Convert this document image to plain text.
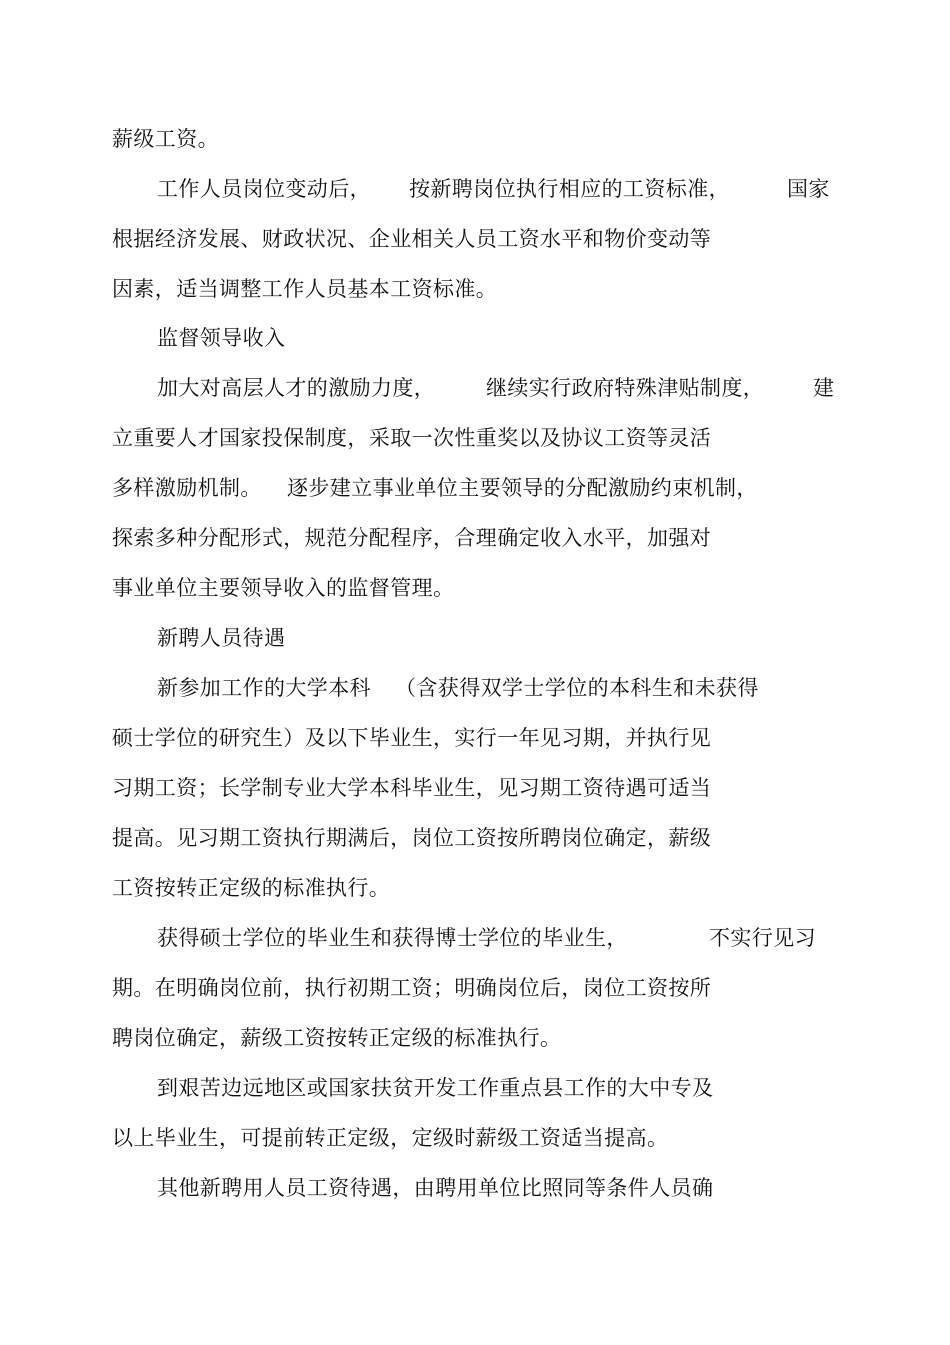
薪级工资。

工作人员岗位变动后，

按新聘岗位执行相应的工资标准，

	国家

根据经济发展、财政状况、企业相关人员工资水平和物价变动等

因素，适当调整工作人员基本工资标准。

监督领导收入

加大对高层人才的激励力度，

继续实行政府特殊津贴制度，

建

立重要人才国家投保制度，采取一次性重奖以及协议工资等灵活

多样激励机制。

逐步建立事业单位主要领导的分配激励约束机制，

探索多种分配形式，规范分配程序，合理确定收入水平，加强对

事业单位主要领导收入的监督管理。

新聘人员待遇

新参加工作的大学本科

（含获得双学士学位的本科生和未获得

硕士学位的研究生）及以下毕业生，实行一年见习期，并执行见

习期工资；长学制专业大学本科毕业生，见习期工资待遇可适当

提高。见习期工资执行期满后，岗位工资按所聘岗位确定，薪级

工资按转正定级的标准执行。

获得硕士学位的毕业生和获得博士学位的毕业生，

	不实行见习

期。在明确岗位前，执行初期工资；明确岗位后，岗位工资按所

聘岗位确定，薪级工资按转正定级的标准执行。

到艰苦边远地区或国家扶贫开发工作重点县工作的大中专及

以上毕业生，可提前转正定级，定级时薪级工资适当提高。

其他新聘用人员工资待遇，由聘用单位比照同等条件人员确
